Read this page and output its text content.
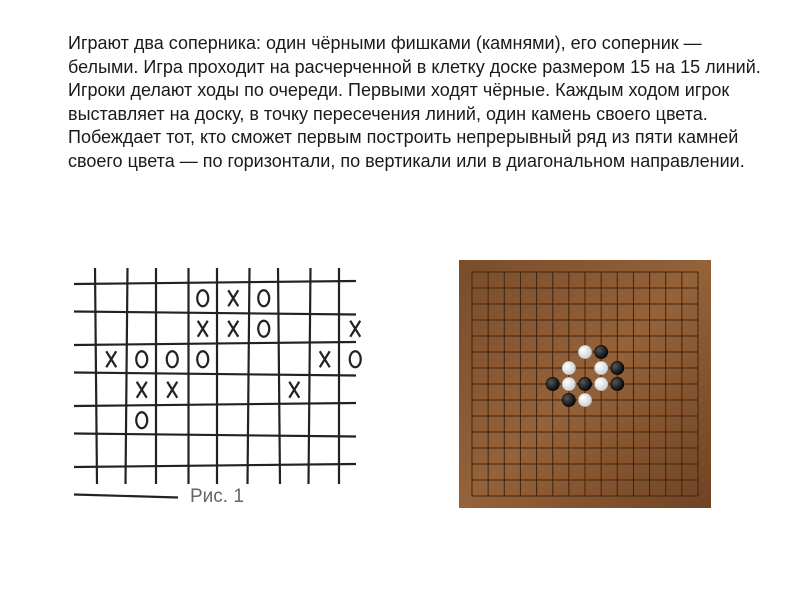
Играют два соперника: один чёрными фишками (камнями), его соперник — белыми. Игра проходит на расчерченной в клетку доске размером 15 на 15 линий.

Игроки делают ходы по очереди. Первыми ходят чёрные. Каждым ходом игрок выставляет на доску, в точку пересечения линий, один камень своего цвета. Побеждает тот, кто сможет первым построить непрерывный ряд из пяти камней своего цвета — по горизонтали, по вертикали или в диагональном направлении.

Рис. 1
